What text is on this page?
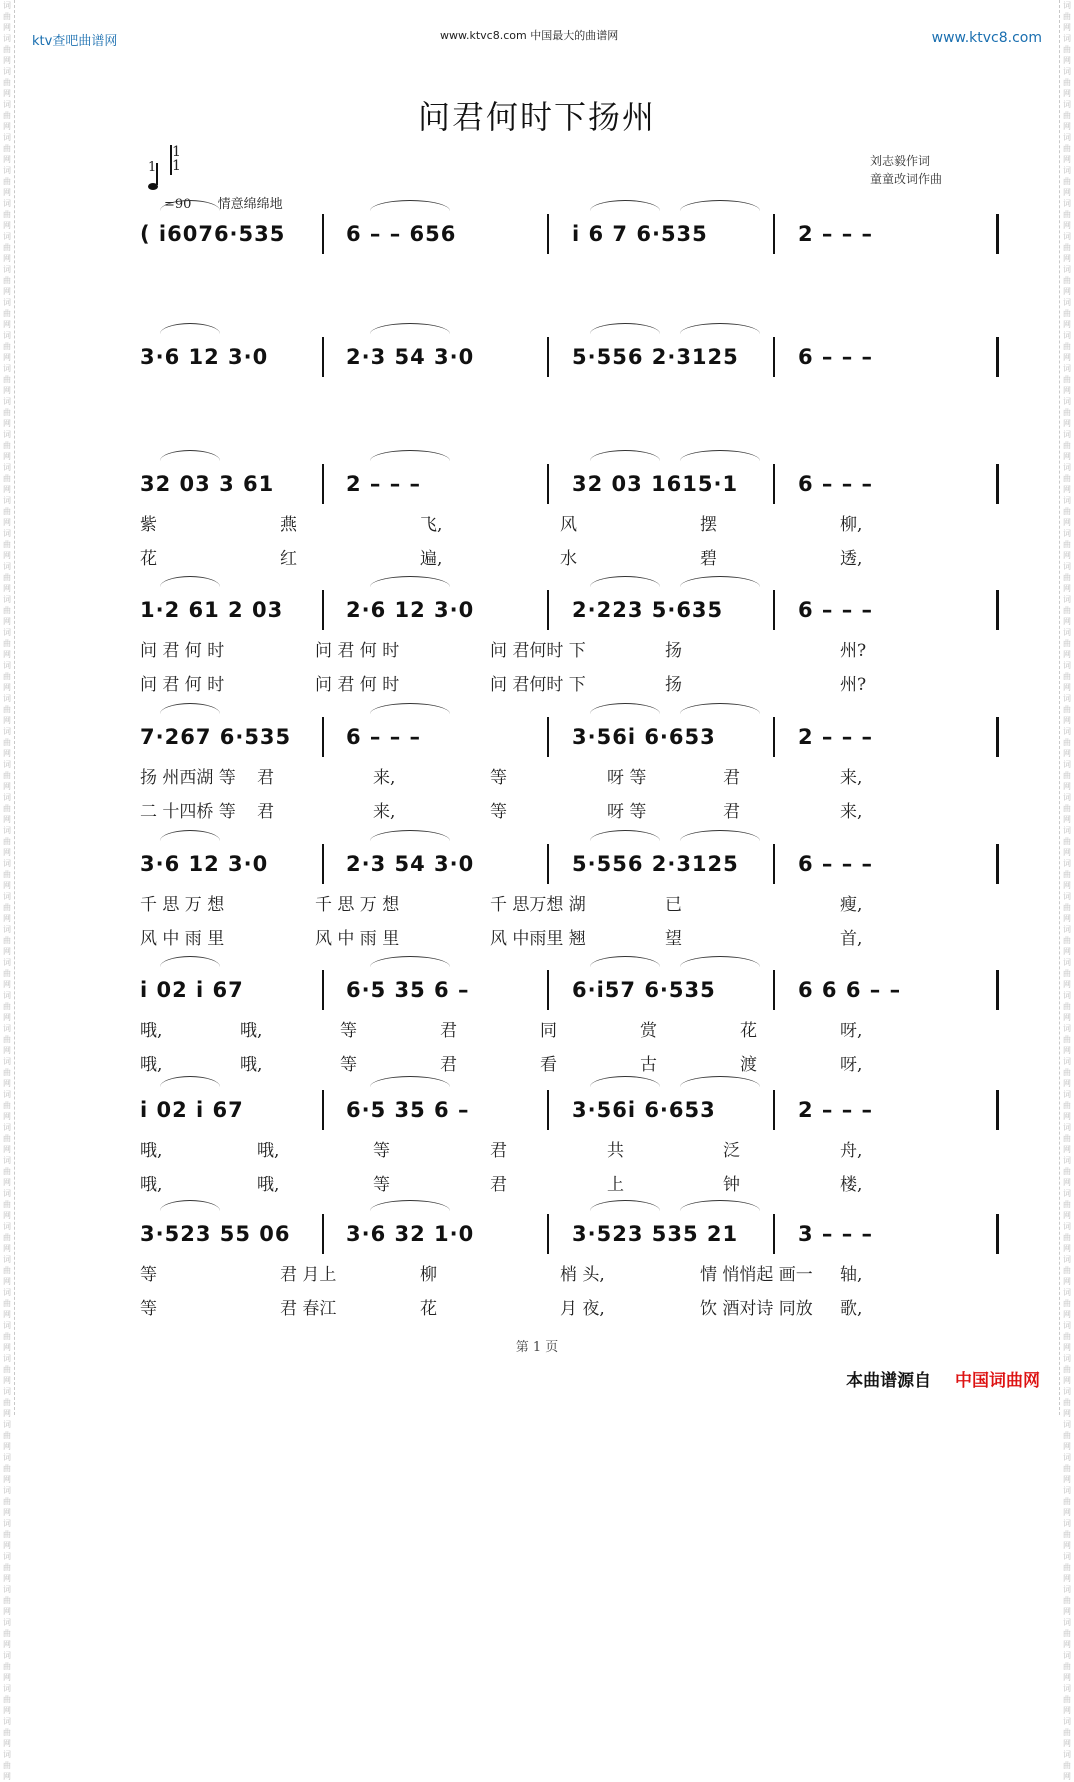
词曲网词曲网词曲网词曲网词曲网词曲网词曲网词曲网词曲网词曲网词曲网词曲网词曲网词曲网词曲网词曲网词曲网词曲网词曲网词曲网词曲网词曲网词曲网词曲网词曲网词曲网词曲网词曲网词曲网词曲网词曲网词曲网词曲网词曲网词曲网词曲网词曲网词曲网词曲网词曲网词曲网词曲网词曲网词曲网词曲网词曲网词曲网词曲网词曲网词曲网词曲网词曲网词曲网词曲网
词曲网词曲网词曲网词曲网词曲网词曲网词曲网词曲网词曲网词曲网词曲网词曲网词曲网词曲网词曲网词曲网词曲网词曲网词曲网词曲网词曲网词曲网词曲网词曲网词曲网词曲网词曲网词曲网词曲网词曲网词曲网词曲网词曲网词曲网词曲网词曲网词曲网词曲网词曲网词曲网词曲网词曲网词曲网词曲网词曲网词曲网词曲网词曲网词曲网词曲网词曲网词曲网词曲网词曲网
ktv查吧曲谱网	www.ktvc8.com 中国最大的曲谱网	www.ktvc8.com
问君何时下扬州
刘志毅作词
童童改词作曲
1
1
1
=90 情意绵绵地
( i6076·535	6 – – 656	i 6 7 6·535	2 – – –
3·6 12 3·0	2·3 54 3·0	5·556 2·3125	6 – – –
32 03 3 61	2 – – –	32 03 1615·1	6 – – –
紫	燕	飞,	风	摆	柳,
花	红	遍,	水	碧	透,
1·2 61 2 03	2·6 12 3·0	2·223 5·635	6 – – –
问 君 何 时	问 君 何 时	问 君何时 下	扬	州?
问 君 何 时	问 君 何 时	问 君何时 下	扬	州?
7·267 6·535	6 – – –	3·56i 6·653	2 – – –
扬 州西湖 等 君	来,	等	呀 等	君	来,
二 十四桥 等 君	来,	等	呀 等	君	来,
3·6 12 3·0	2·3 54 3·0	5·556 2·3125	6 – – –
千 思 万 想	千 思 万 想	千 思万想 湖	已	瘦,
风 中 雨 里	风 中 雨 里	风 中雨里 翘	望	首,
i 02 i 67	6·5 35 6 –	6·i57 6·535	6 6 6 – –
哦,	哦,	等	君	同	赏	花	呀,
哦,	哦,	等	君	看	古	渡	呀,
i 02 i 67	6·5 35 6 –	3·56i 6·653	2 – – –
哦,	哦,	等	君	共	泛	舟,
哦,	哦,	等	君	上	钟	楼,
3·523 55 06	3·6 32 1·0	3·523 535 21	3 – – –
等	君 月上	柳	梢 头,	情 悄悄起 画一 轴,
等	君 春江	花	月 夜,	饮 酒对诗 同放 歌,
第 1 页
本曲谱源自 中国词曲网
